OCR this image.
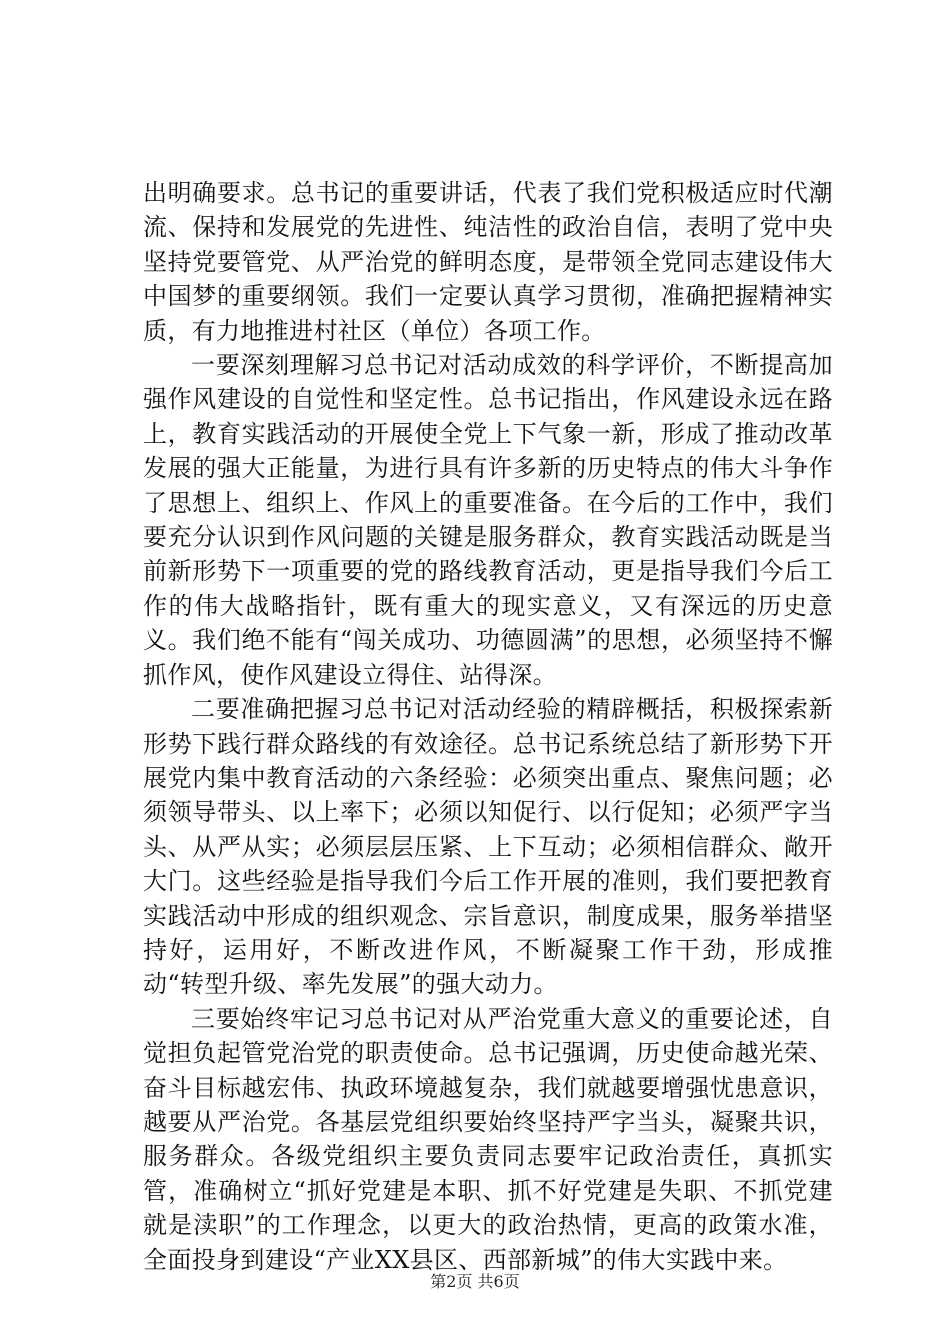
出明确要求。总书记的重要讲话，代表了我们党积极适应时代潮流、保持和发展党的先进性、纯洁性的政治自信，表明了党中央坚持党要管党、从严治党的鲜明态度，是带领全党同志建设伟大中国梦的重要纲领。我们一定要认真学习贯彻，准确把握精神实质，有力地推进村社区（单位）各项工作。

一要深刻理解习总书记对活动成效的科学评价，不断提高加强作风建设的自觉性和坚定性。总书记指出，作风建设永远在路上，教育实践活动的开展使全党上下气象一新，形成了推动改革发展的强大正能量，为进行具有许多新的历史特点的伟大斗争作了思想上、组织上、作风上的重要准备。在今后的工作中，我们要充分认识到作风问题的关键是服务群众，教育实践活动既是当前新形势下一项重要的党的路线教育活动，更是指导我们今后工作的伟大战略指针，既有重大的现实意义，又有深远的历史意义。我们绝不能有“闯关成功、功德圆满”的思想，必须坚持不懈抓作风，使作风建设立得住、站得深。

二要准确把握习总书记对活动经验的精辟概括，积极探索新形势下践行群众路线的有效途径。总书记系统总结了新形势下开展党内集中教育活动的六条经验：必须突出重点、聚焦问题；必须领导带头、以上率下；必须以知促行、以行促知；必须严字当头、从严从实；必须层层压紧、上下互动；必须相信群众、敞开大门。这些经验是指导我们今后工作开展的准则，我们要把教育实践活动中形成的组织观念、宗旨意识，制度成果，服务举措坚持好，运用好，不断改进作风，不断凝聚工作干劲，形成推动“转型升级、率先发展”的强大动力。

三要始终牢记习总书记对从严治党重大意义的重要论述，自觉担负起管党治党的职责使命。总书记强调，历史使命越光荣、奋斗目标越宏伟、执政环境越复杂，我们就越要增强忧患意识，越要从严治党。各基层党组织要始终坚持严字当头，凝聚共识，服务群众。各级党组织主要负责同志要牢记政治责任，真抓实管，准确树立“抓好党建是本职、抓不好党建是失职、不抓党建就是渎职”的工作理念，以更大的政治热情，更高的政策水准，全面投身到建设“产业XX县区、西部新城”的伟大实践中来。

第2页 共6页
